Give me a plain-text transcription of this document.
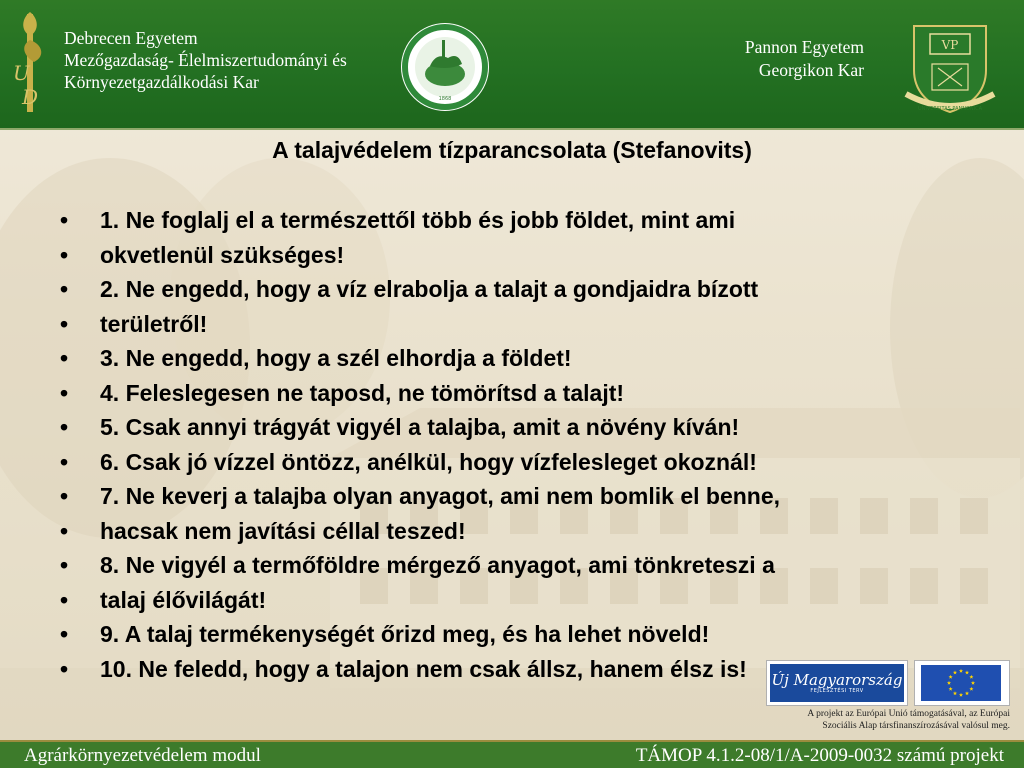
U
D
Debrecen Egyetem
Mezőgazdaság- Élelmiszertudományi és
Környezetgazdálkodási Kar
1868
Pannon Egyetem
Georgikon Kar
VP
UNIVERSITAS PANNONICA
A talajvédelem tízparancsolata (Stefanovits)
•	1. Ne foglalj el a természettől több és jobb földet, mint ami
•	okvetlenül szükséges!
•	2. Ne engedd, hogy a víz elrabolja a talajt a gondjaidra bízott
•	területről!
•	3. Ne engedd, hogy a szél elhordja a földet!
•	4. Feleslegesen ne taposd, ne tömörítsd a talajt!
•	5. Csak annyi trágyát vigyél a talajba, amit a növény kíván!
•	6. Csak jó vízzel öntözz, anélkül, hogy vízfelesleget okoznál!
•	7. Ne keverj a talajba olyan anyagot, ami nem bomlik el benne,
•	hacsak nem javítási céllal teszed!
•	8. Ne vigyél a termőföldre mérgező anyagot, ami tönkreteszi a
•	talaj élővilágát!
•	9. A talaj termékenységét őrizd meg, és ha lehet növeld!
•	10. Ne feledd, hogy a talajon nem csak állsz, hanem élsz is! Új Magyarország
FEJLESZTÉSI TERV
A projekt az Európai Unió támogatásával, az Európai
Szociális Alap társfinanszírozásával valósul meg.
Agrárkörnyezetvédelem modul	TÁMOP 4.1.2-08/1/A-2009-0032 számú projekt
